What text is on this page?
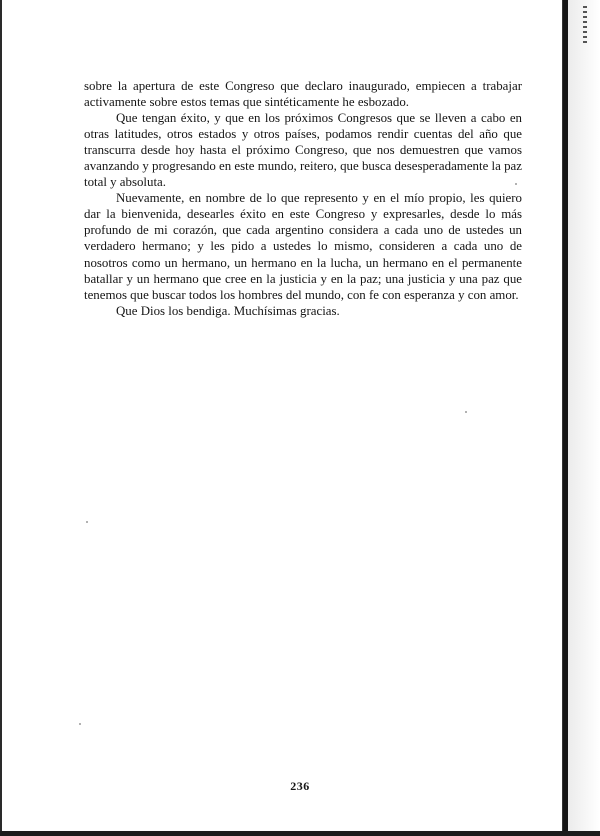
sobre la apertura de este Congreso que declaro inaugurado, empiecen a trabajar activamente sobre estos temas que sintéticamente he esbozado.

Que tengan éxito, y que en los próximos Congresos que se lleven a cabo en otras latitudes, otros estados y otros países, podamos rendir cuentas del año que transcurra desde hoy hasta el próximo Congreso, que nos demuestren que vamos avanzando y progresando en este mundo, reitero, que busca desesperadamente la paz total y absoluta.

Nuevamente, en nombre de lo que represento y en el mío propio, les quiero dar la bienvenida, desearles éxito en este Congreso y expresarles, desde lo más profundo de mi corazón, que cada argentino considera a cada uno de ustedes un verdadero hermano; y les pido a ustedes lo mismo, consideren a cada uno de nosotros como un hermano, un hermano en la lucha, un hermano en el permanente batallar y un hermano que cree en la justicia y en la paz; una justicia y una paz que tenemos que buscar todos los hombres del mundo, con fe con esperanza y con amor.

Que Dios los bendiga. Muchísimas gracias.

236
